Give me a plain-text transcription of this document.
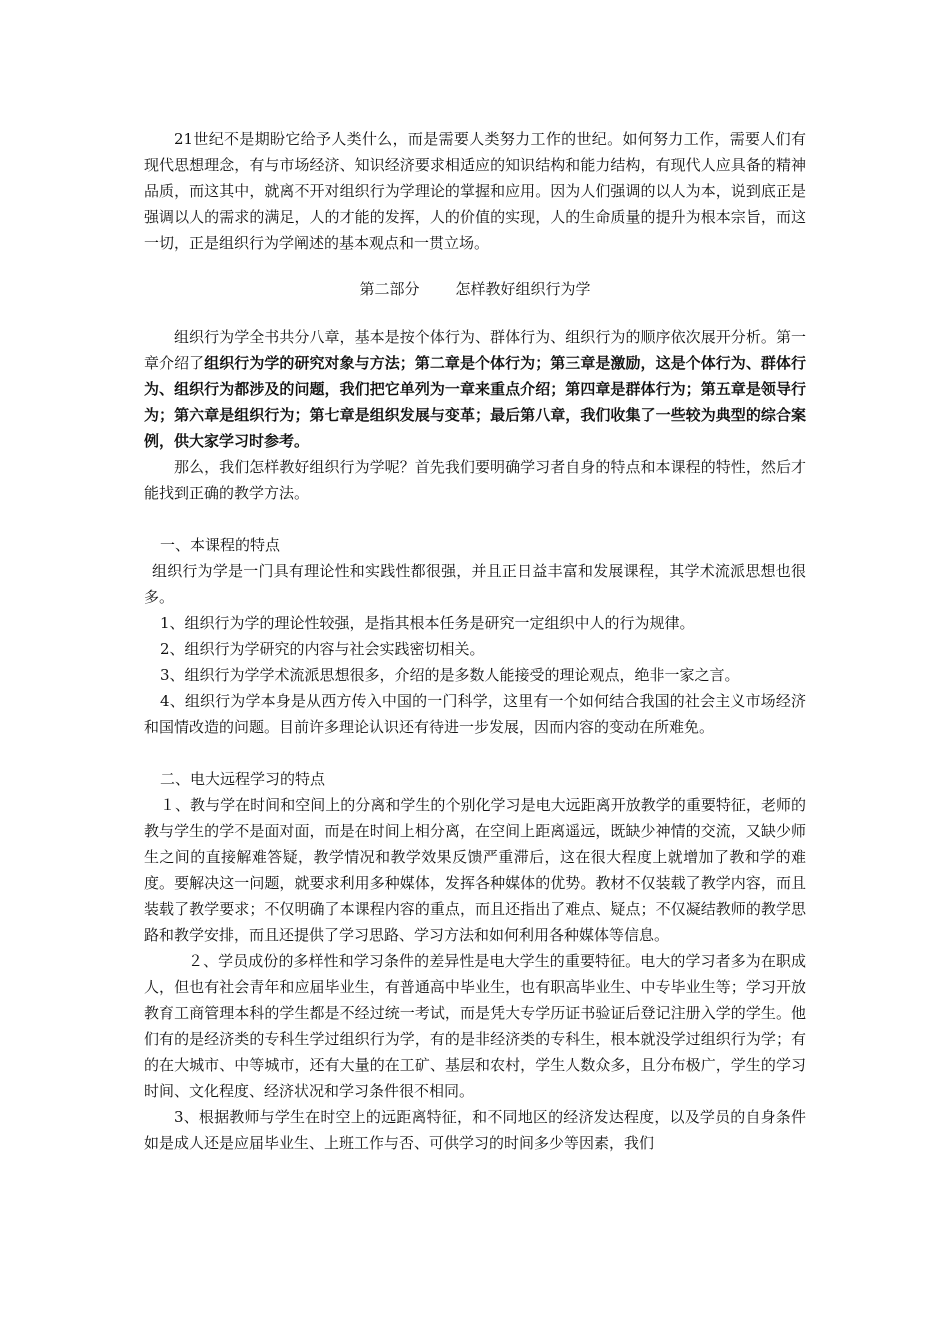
21世纪不是期盼它给予人类什么，而是需要人类努力工作的世纪。如何努力工作，需要人们有现代思想理念，有与市场经济、知识经济要求相适应的知识结构和能力结构，有现代人应具备的精神品质，而这其中，就离不开对组织行为学理论的掌握和应用。因为人们强调的以人为本，说到底正是强调以人的需求的满足，人的才能的发挥，人的价值的实现，人的生命质量的提升为根本宗旨，而这一切，正是组织行为学阐述的基本观点和一贯立场。

第二部分 怎样教好组织行为学

组织行为学全书共分八章，基本是按个体行为、群体行为、组织行为的顺序依次展开分析。第一章介绍了组织行为学的研究对象与方法；第二章是个体行为；第三章是激励，这是个体行为、群体行为、组织行为都涉及的问题，我们把它单列为一章来重点介绍；第四章是群体行为；第五章是领导行为；第六章是组织行为；第七章是组织发展与变革；最后第八章，我们收集了一些较为典型的综合案例，供大家学习时参考。

那么，我们怎样教好组织行为学呢？首先我们要明确学习者自身的特点和本课程的特性，然后才能找到正确的教学方法。

一、本课程的特点

组织行为学是一门具有理论性和实践性都很强，并且正日益丰富和发展课程，其学术流派思想也很多。

1、组织行为学的理论性较强，是指其根本任务是研究一定组织中人的行为规律。

2、组织行为学研究的内容与社会实践密切相关。

3、组织行为学学术流派思想很多，介绍的是多数人能接受的理论观点，绝非一家之言。

4、组织行为学本身是从西方传入中国的一门科学，这里有一个如何结合我国的社会主义市场经济和国情改造的问题。目前许多理论认识还有待进一步发展，因而内容的变动在所难免。

二、电大远程学习的特点

１、教与学在时间和空间上的分离和学生的个别化学习是电大远距离开放教学的重要特征，老师的教与学生的学不是面对面，而是在时间上相分离，在空间上距离遥远，既缺少神情的交流，又缺少师生之间的直接解难答疑，教学情况和教学效果反馈严重滞后，这在很大程度上就增加了教和学的难度。要解决这一问题，就要求利用多种媒体，发挥各种媒体的优势。教材不仅装载了教学内容，而且装载了教学要求；不仅明确了本课程内容的重点，而且还指出了难点、疑点；不仅凝结教师的教学思路和教学安排，而且还提供了学习思路、学习方法和如何利用各种媒体等信息。

２、学员成份的多样性和学习条件的差异性是电大学生的重要特征。电大的学习者多为在职成人，但也有社会青年和应届毕业生，有普通高中毕业生，也有职高毕业生、中专毕业生等；学习开放教育工商管理本科的学生都是不经过统一考试，而是凭大专学历证书验证后登记注册入学的学生。他们有的是经济类的专科生学过组织行为学，有的是非经济类的专科生，根本就没学过组织行为学；有的在大城市、中等城市，还有大量的在工矿、基层和农村，学生人数众多，且分布极广，学生的学习时间、文化程度、经济状况和学习条件很不相同。

3、根据教师与学生在时空上的远距离特征，和不同地区的经济发达程度，以及学员的自身条件如是成人还是应届毕业生、上班工作与否、可供学习的时间多少等因素，我们
